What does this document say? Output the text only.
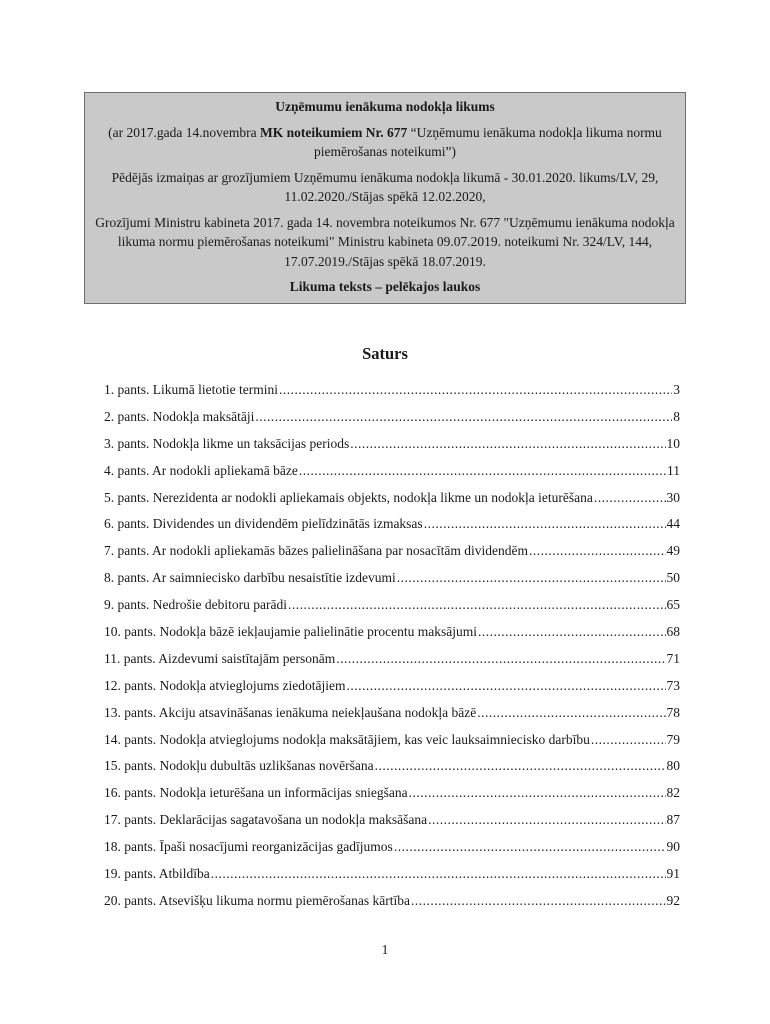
Uzņēmumu ienākuma nodokļa likums

(ar 2017.gada 14.novembra MK noteikumiem Nr. 677 “Uzņēmumu ienākuma nodokļa likuma normu piemērošanas noteikumi”)

Pēdējās izmaiņas ar grozījumiem Uzņēmumu ienākuma nodokļa likumā - 30.01.2020. likums/LV, 29, 11.02.2020./Stājas spēkā 12.02.2020,

Grozījumi Ministru kabineta 2017. gada 14. novembra noteikumos Nr. 677 "Uzņēmumu ienākuma nodokļa likuma normu piemērošanas noteikumi" Ministru kabineta 09.07.2019. noteikumi Nr. 324/LV, 144, 17.07.2019./Stājas spēkā 18.07.2019.

Likuma teksts – pelēkajos laukos

Saturs
1. pants. Likumā lietotie termini .....	3
2. pants. Nodokļa maksātāji .....	8
3. pants. Nodokļa likme un taksācijas periods .....	10
4. pants. Ar nodokli apliekamā bāze .....	11
5. pants. Nerezidenta ar nodokli apliekamais objekts, nodokļa likme un nodokļa ieturēšana .....	30
6. pants. Dividendes un dividendēm pielīdzinātās izmaksas .....	44
7. pants. Ar nodokli apliekamās bāzes palielināšana par nosacītām dividendēm .....	49
8. pants. Ar saimniecisko darbību nesaistītie izdevumi .....	50
9. pants. Nedrošie debitoru parādi .....	65
10. pants. Nodokļa bāzē iekļaujamie palielinātie procentu maksājumi .....	68
11. pants. Aizdevumi saistītajām personām .....	71
12. pants. Nodokļa atvieglojums ziedotājiem .....	73
13. pants. Akciju atsavināšanas ienākuma neiekļaušana nodokļa bāzē .....	78
14. pants. Nodokļa atvieglojums nodokļa maksātājiem, kas veic lauksaimniecisko darbību .....	79
15. pants. Nodokļu dubultās uzlikšanas novēršana .....	80
16. pants. Nodokļa ieturēšana un informācijas sniegšana .....	82
17. pants. Deklarācijas sagatavošana un nodokļa maksāšana .....	87
18. pants. Īpaši nosacījumi reorganizācijas gadījumos .....	90
19. pants. Atbildība .....	91
20. pants. Atsevišķu likuma normu piemērošanas kārtība .....	92
1
